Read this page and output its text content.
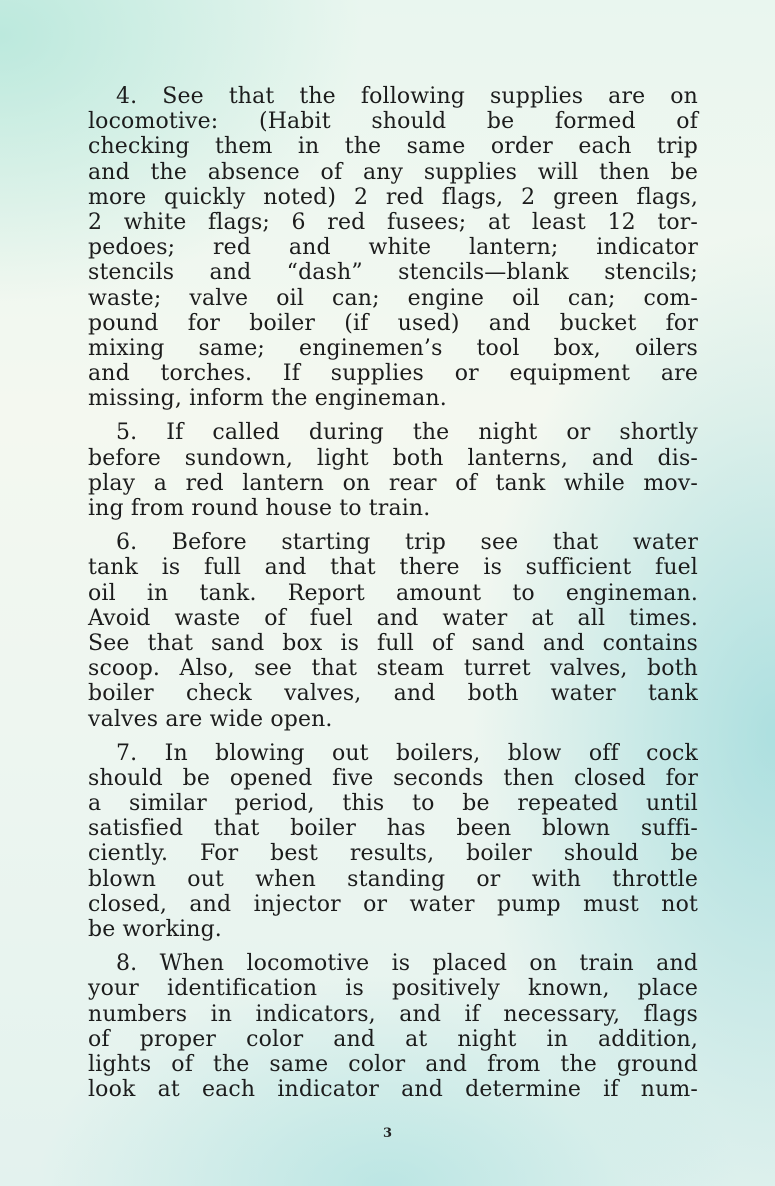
4. See that the following supplies are on
locomotive: (Habit should be formed of
checking them in the same order each trip
and the absence of any supplies will then be
more quickly noted) 2 red flags, 2 green flags,
2 white flags; 6 red fusees; at least 12 tor-
pedoes; red and white lantern; indicator
stencils and “dash” stencils—blank stencils;
waste; valve oil can; engine oil can; com-
pound for boiler (if used) and bucket for
mixing same; enginemen’s tool box, oilers
and torches. If supplies or equipment are
missing, inform the engineman.
5. If called during the night or shortly
before sundown, light both lanterns, and dis-
play a red lantern on rear of tank while mov-
ing from round house to train.
6. Before starting trip see that water
tank is full and that there is sufficient fuel
oil in tank. Report amount to engineman.
Avoid waste of fuel and water at all times.
See that sand box is full of sand and contains
scoop. Also, see that steam turret valves, both
boiler check valves, and both water tank
valves are wide open.
7. In blowing out boilers, blow off cock
should be opened five seconds then closed for
a similar period, this to be repeated until
satisfied that boiler has been blown suffi-
ciently. For best results, boiler should be
blown out when standing or with throttle
closed, and injector or water pump must not
be working.
8. When locomotive is placed on train and
your identification is positively known, place
numbers in indicators, and if necessary, flags
of proper color and at night in addition,
lights of the same color and from the ground
look at each indicator and determine if num-
3
